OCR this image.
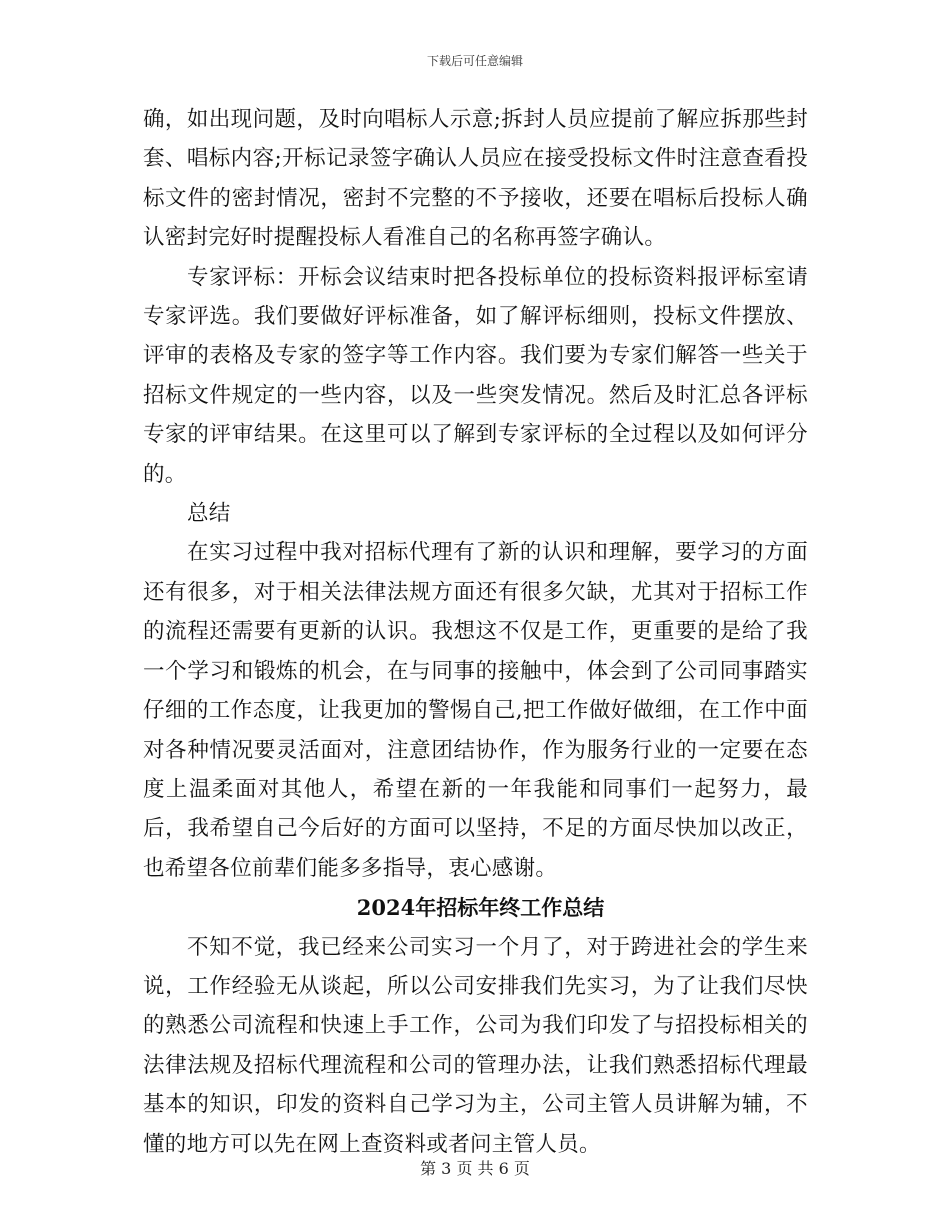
下载后可任意编辑

确，如出现问题，及时向唱标人示意;拆封人员应提前了解应拆那些封套、唱标内容;开标记录签字确认人员应在接受投标文件时注意查看投标文件的密封情况，密封不完整的不予接收，还要在唱标后投标人确认密封完好时提醒投标人看准自己的名称再签字确认。

专家评标：开标会议结束时把各投标单位的投标资料报评标室请专家评选。我们要做好评标准备，如了解评标细则，投标文件摆放、评审的表格及专家的签字等工作内容。我们要为专家们解答一些关于招标文件规定的一些内容，以及一些突发情况。然后及时汇总各评标专家的评审结果。在这里可以了解到专家评标的全过程以及如何评分的。

总结

在实习过程中我对招标代理有了新的认识和理解，要学习的方面还有很多，对于相关法律法规方面还有很多欠缺，尤其对于招标工作的流程还需要有更新的认识。我想这不仅是工作，更重要的是给了我一个学习和锻炼的机会，在与同事的接触中，体会到了公司同事踏实仔细的工作态度，让我更加的警惕自己,把工作做好做细，在工作中面对各种情况要灵活面对，注意团结协作，作为服务行业的一定要在态度上温柔面对其他人，希望在新的一年我能和同事们一起努力，最后，我希望自己今后好的方面可以坚持，不足的方面尽快加以改正，也希望各位前辈们能多多指导，衷心感谢。

2024年招标年终工作总结

不知不觉，我已经来公司实习一个月了，对于跨进社会的学生来说，工作经验无从谈起，所以公司安排我们先实习，为了让我们尽快的熟悉公司流程和快速上手工作，公司为我们印发了与招投标相关的法律法规及招标代理流程和公司的管理办法，让我们熟悉招标代理最基本的知识，印发的资料自己学习为主，公司主管人员讲解为辅，不懂的地方可以先在网上查资料或者问主管人员。

第 3 页 共 6 页
